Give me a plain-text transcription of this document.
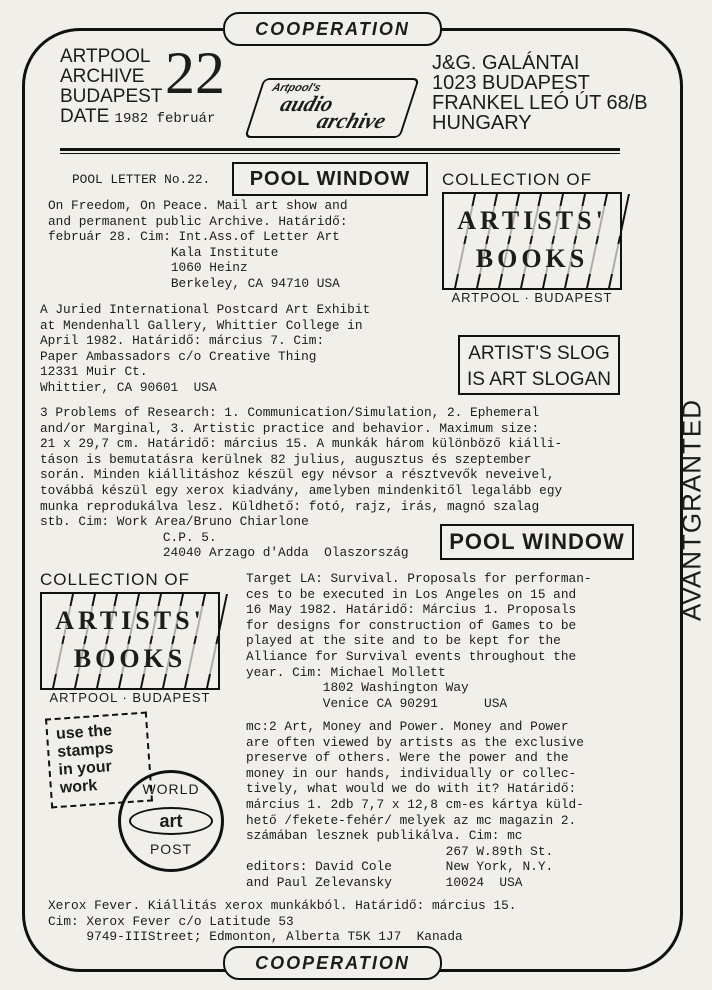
COOPERATION
ARTPOOL
ARCHIVE
BUDAPEST
DATE 1982 február
22	Artpool's
audio
archive
J&G. GALÁNTAI
1023 BUDAPEST
FRANKEL LEÓ ÚT 68/B
HUNGARY
POOL LETTER No.22.	POOL WINDOW	COLLECTION OF
ARTISTS'
BOOKS
ARTPOOL · BUDAPEST
On Freedom, On Peace. Mail art show and
and permanent public Archive. Határidő:
február 28. Cim: Int.Ass.of Letter Art
Kala Institute
1060 Heinz
Berkeley, CA 94710 USA
A Juried International Postcard Art Exhibit
at Mendenhall Gallery, Whittier College in
April 1982. Határidő: március 7. Cim:
Paper Ambassadors c/o Creative Thing
12331 Muir Ct.
Whittier, CA 90601  USA
ARTIST'S SLOG
IS ART SLOGAN
AVANTGRANTED
3 Problems of Research: 1. Communication/Simulation, 2. Ephemeral
and/or Marginal, 3. Artistic practice and behavior. Maximum size:
21 x 29,7 cm. Határidő: március 15. A munkák három különböző kiálli-
táson is bemutatásra kerülnek 82 julius, augusztus és szeptember
során. Minden kiállitáshoz készül egy névsor a résztvevők neveivel,
továbbá készül egy xerox kiadvány, amelyben mindenkitől legalább egy
munka reprodukálva lesz. Küldhető: fotó, rajz, irás, magnó szalag
stb. Cim: Work Area/Bruno Chiarlone
C.P. 5.
24040 Arzago d'Adda  Olaszország	POOL WINDOW
COLLECTION OF
ARTISTS'
BOOKS
ARTPOOL · BUDAPEST
Target LA: Survival. Proposals for performan-
ces to be executed in Los Angeles on 15 and
16 May 1982. Határidő: Március 1. Proposals
for designs for construction of Games to be
played at the site and to be kept for the
Alliance for Survival events throughout the
year. Cim: Michael Mollett
1802 Washington Way
Venice CA 90291      USA
use the
stamps
in your
work	WORLD
art
POST
mc:2 Art, Money and Power. Money and Power
are often viewed by artists as the exclusive
preserve of others. Were the power and the
money in our hands, individually or collec-
tively, what would we do with it? Határidő:
március 1. 2db 7,7 x 12,8 cm-es kártya küld-
hető /fekete-fehér/ melyek az mc magazin 2.
számában lesznek publikálva. Cim: mc
267 W.89th St.
editors: David Cole       New York, N.Y.
and Paul Zelevansky       10024  USA
Xerox Fever. Kiállitás xerox munkákból. Határidő: március 15.
Cim: Xerox Fever c/o Latitude 53
9749-IIIStreet; Edmonton, Alberta T5K 1J7  Kanada
COOPERATION
